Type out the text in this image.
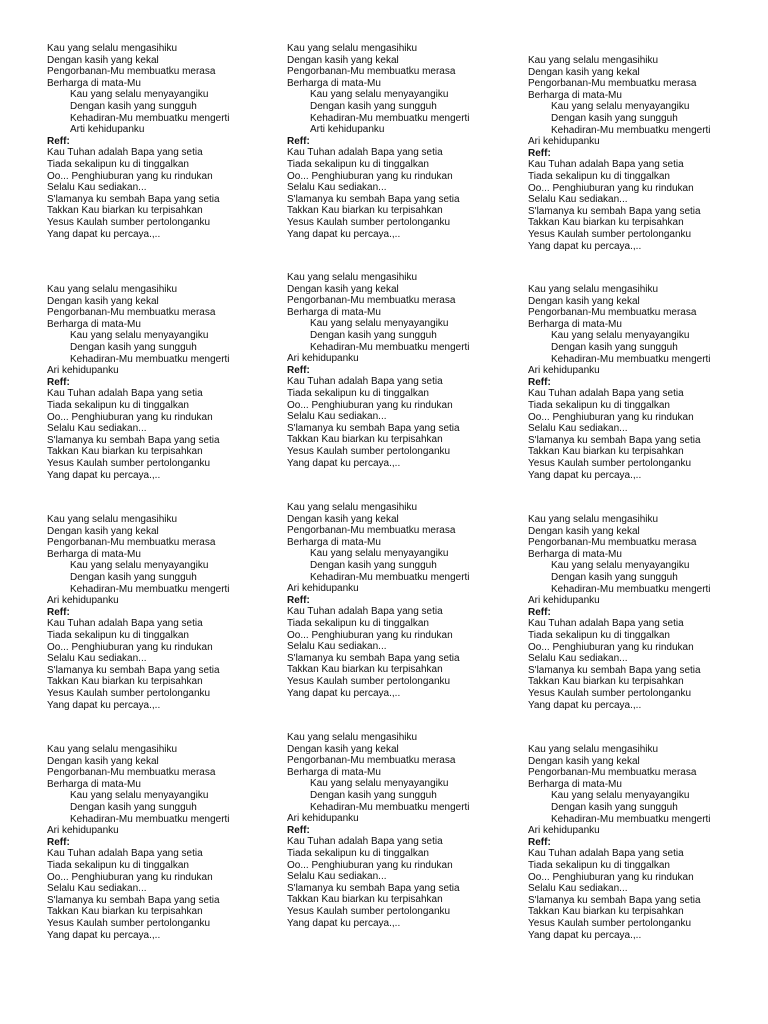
Kau yang selalu mengasihiku
Dengan kasih yang kekal
Pengorbanan-Mu membuatku merasa
Berharga di mata-Mu
Kau yang selalu menyayangiku
Dengan kasih yang sungguh
Kehadiran-Mu membuatku mengerti
Arti kehidupanku
Reff:
Kau Tuhan adalah Bapa yang setia
Tiada sekalipun ku di tinggalkan
Oo... Penghiuburan yang ku rindukan
Selalu Kau sediakan...
S'lamanya ku sembah Bapa yang setia
Takkan Kau biarkan ku terpisahkan
Yesus Kaulah sumber pertolonganku
Yang dapat ku percaya.,..
Kau yang selalu mengasihiku
Dengan kasih yang kekal
Pengorbanan-Mu membuatku merasa
Berharga di mata-Mu
Kau yang selalu menyayangiku
Dengan kasih yang sungguh
Kehadiran-Mu membuatku mengerti
Arti kehidupanku
Reff:
Kau Tuhan adalah Bapa yang setia
Tiada sekalipun ku di tinggalkan
Oo... Penghiuburan yang ku rindukan
Selalu Kau sediakan...
S'lamanya ku sembah Bapa yang setia
Takkan Kau biarkan ku terpisahkan
Yesus Kaulah sumber pertolonganku
Yang dapat ku percaya.,..
Kau yang selalu mengasihiku
Dengan kasih yang kekal
Pengorbanan-Mu membuatku merasa
Berharga di mata-Mu
Kau yang selalu menyayangiku
Dengan kasih yang sungguh
Kehadiran-Mu membuatku mengerti
Ari kehidupanku
Reff:
Kau Tuhan adalah Bapa yang setia
Tiada sekalipun ku di tinggalkan
Oo... Penghiuburan yang ku rindukan
Selalu Kau sediakan...
S'lamanya ku sembah Bapa yang setia
Takkan Kau biarkan ku terpisahkan
Yesus Kaulah sumber pertolonganku
Yang dapat ku percaya.,..
Kau yang selalu mengasihiku
Dengan kasih yang kekal
Pengorbanan-Mu membuatku merasa
Berharga di mata-Mu
Kau yang selalu menyayangiku
Dengan kasih yang sungguh
Kehadiran-Mu membuatku mengerti
Ari kehidupanku
Reff:
Kau Tuhan adalah Bapa yang setia
Tiada sekalipun ku di tinggalkan
Oo... Penghiuburan yang ku rindukan
Selalu Kau sediakan...
S'lamanya ku sembah Bapa yang setia
Takkan Kau biarkan ku terpisahkan
Yesus Kaulah sumber pertolonganku
Yang dapat ku percaya.,..
Kau yang selalu mengasihiku
Dengan kasih yang kekal
Pengorbanan-Mu membuatku merasa
Berharga di mata-Mu
Kau yang selalu menyayangiku
Dengan kasih yang sungguh
Kehadiran-Mu membuatku mengerti
Ari kehidupanku
Reff:
Kau Tuhan adalah Bapa yang setia
Tiada sekalipun ku di tinggalkan
Oo... Penghiuburan yang ku rindukan
Selalu Kau sediakan...
S'lamanya ku sembah Bapa yang setia
Takkan Kau biarkan ku terpisahkan
Yesus Kaulah sumber pertolonganku
Yang dapat ku percaya.,..
Kau yang selalu mengasihiku
Dengan kasih yang kekal
Pengorbanan-Mu membuatku merasa
Berharga di mata-Mu
Kau yang selalu menyayangiku
Dengan kasih yang sungguh
Kehadiran-Mu membuatku mengerti
Ari kehidupanku
Reff:
Kau Tuhan adalah Bapa yang setia
Tiada sekalipun ku di tinggalkan
Oo... Penghiuburan yang ku rindukan
Selalu Kau sediakan...
S'lamanya ku sembah Bapa yang setia
Takkan Kau biarkan ku terpisahkan
Yesus Kaulah sumber pertolonganku
Yang dapat ku percaya.,..
Kau yang selalu mengasihiku
Dengan kasih yang kekal
Pengorbanan-Mu membuatku merasa
Berharga di mata-Mu
Kau yang selalu menyayangiku
Dengan kasih yang sungguh
Kehadiran-Mu membuatku mengerti
Ari kehidupanku
Reff:
Kau Tuhan adalah Bapa yang setia
Tiada sekalipun ku di tinggalkan
Oo... Penghiuburan yang ku rindukan
Selalu Kau sediakan...
S'lamanya ku sembah Bapa yang setia
Takkan Kau biarkan ku terpisahkan
Yesus Kaulah sumber pertolonganku
Yang dapat ku percaya.,..
Kau yang selalu mengasihiku
Dengan kasih yang kekal
Pengorbanan-Mu membuatku merasa
Berharga di mata-Mu
Kau yang selalu menyayangiku
Dengan kasih yang sungguh
Kehadiran-Mu membuatku mengerti
Ari kehidupanku
Reff:
Kau Tuhan adalah Bapa yang setia
Tiada sekalipun ku di tinggalkan
Oo... Penghiuburan yang ku rindukan
Selalu Kau sediakan...
S'lamanya ku sembah Bapa yang setia
Takkan Kau biarkan ku terpisahkan
Yesus Kaulah sumber pertolonganku
Yang dapat ku percaya.,..
Kau yang selalu mengasihiku
Dengan kasih yang kekal
Pengorbanan-Mu membuatku merasa
Berharga di mata-Mu
Kau yang selalu menyayangiku
Dengan kasih yang sungguh
Kehadiran-Mu membuatku mengerti
Ari kehidupanku
Reff:
Kau Tuhan adalah Bapa yang setia
Tiada sekalipun ku di tinggalkan
Oo... Penghiuburan yang ku rindukan
Selalu Kau sediakan...
S'lamanya ku sembah Bapa yang setia
Takkan Kau biarkan ku terpisahkan
Yesus Kaulah sumber pertolonganku
Yang dapat ku percaya.,..
Kau yang selalu mengasihiku
Dengan kasih yang kekal
Pengorbanan-Mu membuatku merasa
Berharga di mata-Mu
Kau yang selalu menyayangiku
Dengan kasih yang sungguh
Kehadiran-Mu membuatku mengerti
Ari kehidupanku
Reff:
Kau Tuhan adalah Bapa yang setia
Tiada sekalipun ku di tinggalkan
Oo... Penghiuburan yang ku rindukan
Selalu Kau sediakan...
S'lamanya ku sembah Bapa yang setia
Takkan Kau biarkan ku terpisahkan
Yesus Kaulah sumber pertolonganku
Yang dapat ku percaya.,..
Kau yang selalu mengasihiku
Dengan kasih yang kekal
Pengorbanan-Mu membuatku merasa
Berharga di mata-Mu
Kau yang selalu menyayangiku
Dengan kasih yang sungguh
Kehadiran-Mu membuatku mengerti
Ari kehidupanku
Reff:
Kau Tuhan adalah Bapa yang setia
Tiada sekalipun ku di tinggalkan
Oo... Penghiuburan yang ku rindukan
Selalu Kau sediakan...
S'lamanya ku sembah Bapa yang setia
Takkan Kau biarkan ku terpisahkan
Yesus Kaulah sumber pertolonganku
Yang dapat ku percaya.,..
Kau yang selalu mengasihiku
Dengan kasih yang kekal
Pengorbanan-Mu membuatku merasa
Berharga di mata-Mu
Kau yang selalu menyayangiku
Dengan kasih yang sungguh
Kehadiran-Mu membuatku mengerti
Ari kehidupanku
Reff:
Kau Tuhan adalah Bapa yang setia
Tiada sekalipun ku di tinggalkan
Oo... Penghiuburan yang ku rindukan
Selalu Kau sediakan...
S'lamanya ku sembah Bapa yang setia
Takkan Kau biarkan ku terpisahkan
Yesus Kaulah sumber pertolonganku
Yang dapat ku percaya.,..
